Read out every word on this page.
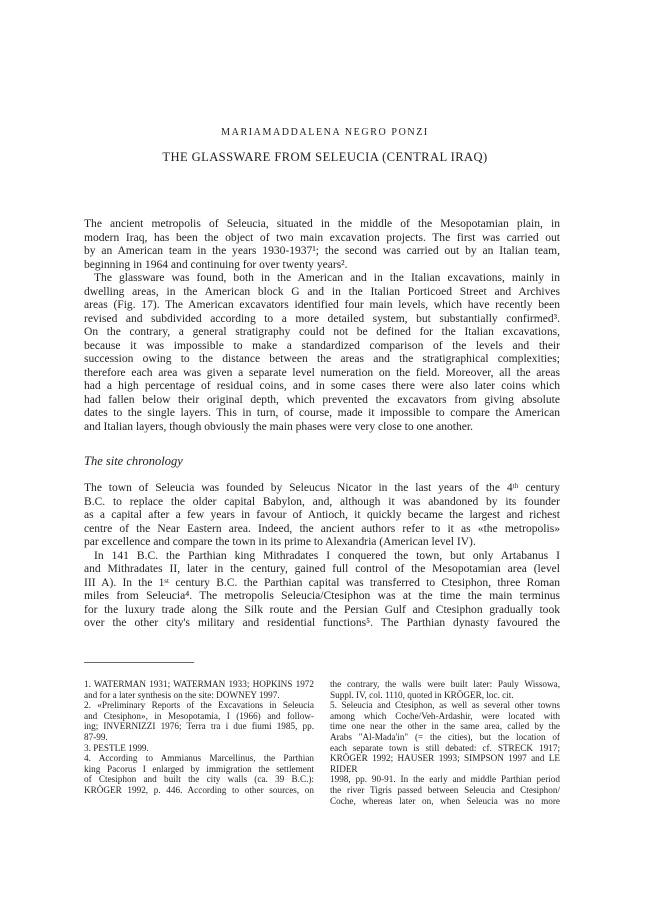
MARIAMADDALENA NEGRO PONZI
THE GLASSWARE FROM SELEUCIA (CENTRAL IRAQ)

The ancient metropolis of Seleucia, situated in the middle of the Mesopotamian plain, in

modern Iraq, has been the object of two main excavation projects. The first was carried out

by an American team in the years 1930-1937¹; the second was carried out by an Italian team,

beginning in 1964 and continuing for over twenty years².

The glassware was found, both in the American and in the Italian excavations, mainly in

dwelling areas, in the American block G and in the Italian Porticoed Street and Archives

areas (Fig. 17). The American excavators identified four main levels, which have recently been

revised and subdivided according to a more detailed system, but substantially confirmed³.

On the contrary, a general stratigraphy could not be defined for the Italian excavations,

because it was impossible to make a standardized comparison of the levels and their

succession owing to the distance between the areas and the stratigraphical complexities;

therefore each area was given a separate level numeration on the field. Moreover, all the areas

had a high percentage of residual coins, and in some cases there were also later coins which

had fallen below their original depth, which prevented the excavators from giving absolute

dates to the single layers. This in turn, of course, made it impossible to compare the American

and Italian layers, though obviously the main phases were very close to one another.

The site chronology

The town of Seleucia was founded by Seleucus Nicator in the last years of the 4ᵗʰ century

B.C. to replace the older capital Babylon, and, although it was abandoned by its founder

as a capital after a few years in favour of Antioch, it quickly became the largest and richest

centre of the Near Eastern area. Indeed, the ancient authors refer to it as «the metropolis»

par excellence and compare the town in its prime to Alexandria (American level IV).

In 141 B.C. the Parthian king Mithradates I conquered the town, but only Artabanus I

and Mithradates II, later in the century, gained full control of the Mesopotamian area (level

III A). In the 1ˢᵗ century B.C. the Parthian capital was transferred to Ctesiphon, three Roman

miles from Seleucia⁴. The metropolis Seleucia/Ctesiphon was at the time the main terminus

for the luxury trade along the Silk route and the Persian Gulf and Ctesiphon gradually took

over the other city's military and residential functions⁵. The Parthian dynasty favoured the

1. WATERMAN 1931; WATERMAN 1933; HOPKINS 1972

and for a later synthesis on the site: DOWNEY 1997.

2. «Preliminary Reports of the Excavations in Seleucia

and Ctesiphon», in Mesopotamia, I (1966) and follow-

ing; INVERNIZZI 1976; Terra tra i due fiumi 1985, pp.

87-99.

3. PESTLE 1999.

4. According to Ammianus Marcellinus, the Parthian

king Pacorus I enlarged by immigration the settlement

of Ctesiphon and built the city walls (ca. 39 B.C.):

KRÖGER 1992, p. 446. According to other sources, on

the contrary, the walls were built later: Pauly Wissowa,

Suppl. IV, col. 1110, quoted in KRÖGER, loc. cit.

5. Seleucia and Ctesiphon, as well as several other towns

among which Coche/Veh-Ardashir, were located with

time one near the other in the same area, called by the

Arabs "Al-Mada'in" (= the cities), but the location of

each separate town is still debated: cf. STRECK 1917;

KRÖGER 1992; HAUSER 1993; SIMPSON 1997 and LE RIDER

1998, pp. 90-91. In the early and middle Parthian period

the river Tigris passed between Seleucia and Ctesiphon/

Coche, whereas later on, when Seleucia was no more
